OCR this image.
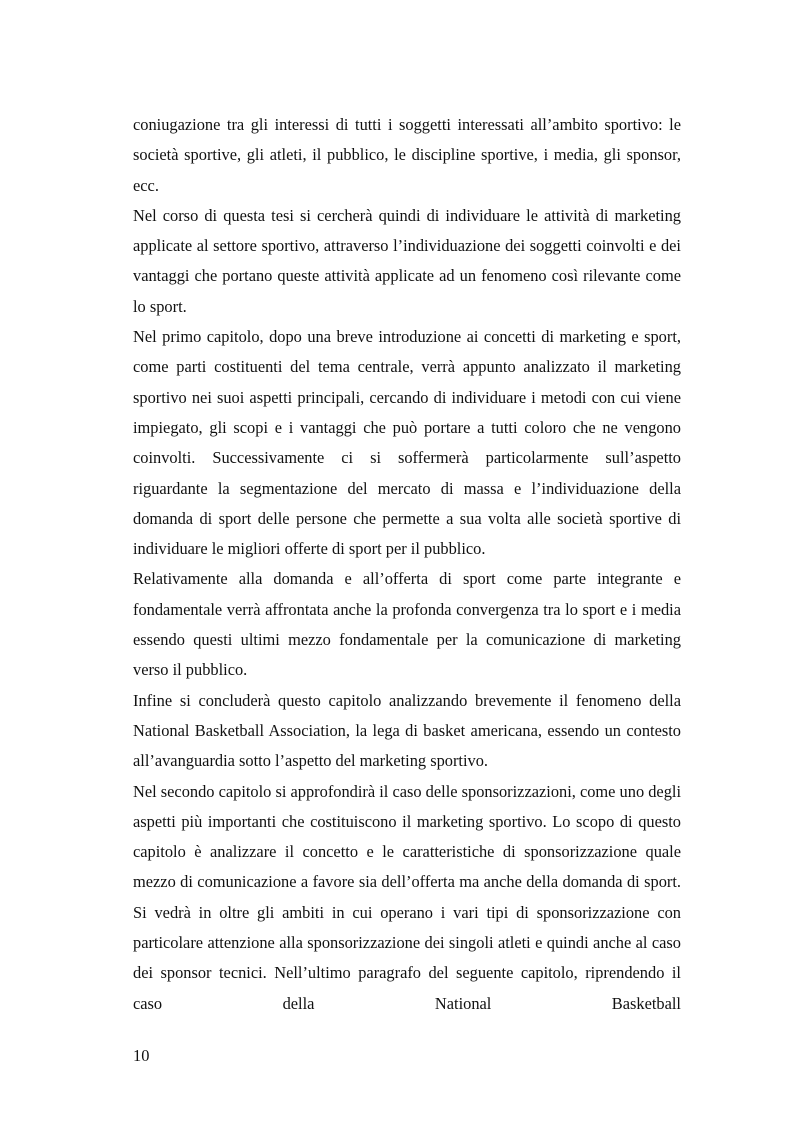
coniugazione tra gli interessi di tutti i soggetti interessati all’ambito sportivo: le società sportive, gli atleti, il pubblico, le discipline sportive, i media, gli sponsor, ecc.

Nel corso di questa tesi si cercherà quindi di individuare le attività di marketing applicate al settore sportivo, attraverso l’individuazione dei soggetti coinvolti e dei vantaggi che portano queste attività applicate ad un fenomeno così rilevante come lo sport.

Nel primo capitolo, dopo una breve introduzione ai concetti di marketing e sport, come parti costituenti del tema centrale, verrà appunto analizzato il marketing sportivo nei suoi aspetti principali, cercando di individuare i metodi con cui viene impiegato, gli scopi e i vantaggi che può portare a tutti coloro che ne vengono coinvolti. Successivamente ci si soffermerà particolarmente sull’aspetto riguardante la segmentazione del mercato di massa e l’individuazione della domanda di sport delle persone che permette a sua volta alle società sportive di individuare le migliori offerte di sport per il pubblico.

Relativamente alla domanda e all’offerta di sport come parte integrante e fondamentale verrà affrontata anche la profonda convergenza tra lo sport e i media essendo questi ultimi mezzo fondamentale per la comunicazione di marketing verso il pubblico.

Infine si concluderà questo capitolo analizzando brevemente il fenomeno della National Basketball Association, la lega di basket americana, essendo un contesto all’avanguardia sotto l’aspetto del marketing sportivo.

Nel secondo capitolo si approfondirà il caso delle sponsorizzazioni, come uno degli aspetti più importanti che costituiscono il marketing sportivo. Lo scopo di questo capitolo è analizzare il concetto e le caratteristiche di sponsorizzazione quale mezzo di comunicazione a favore sia dell’offerta ma anche della domanda di sport. Si vedrà in oltre gli ambiti in cui operano i vari tipi di sponsorizzazione con particolare attenzione alla sponsorizzazione dei singoli atleti e quindi anche al caso dei sponsor tecnici. Nell’ultimo paragrafo del seguente capitolo, riprendendo il caso della National Basketball

10
